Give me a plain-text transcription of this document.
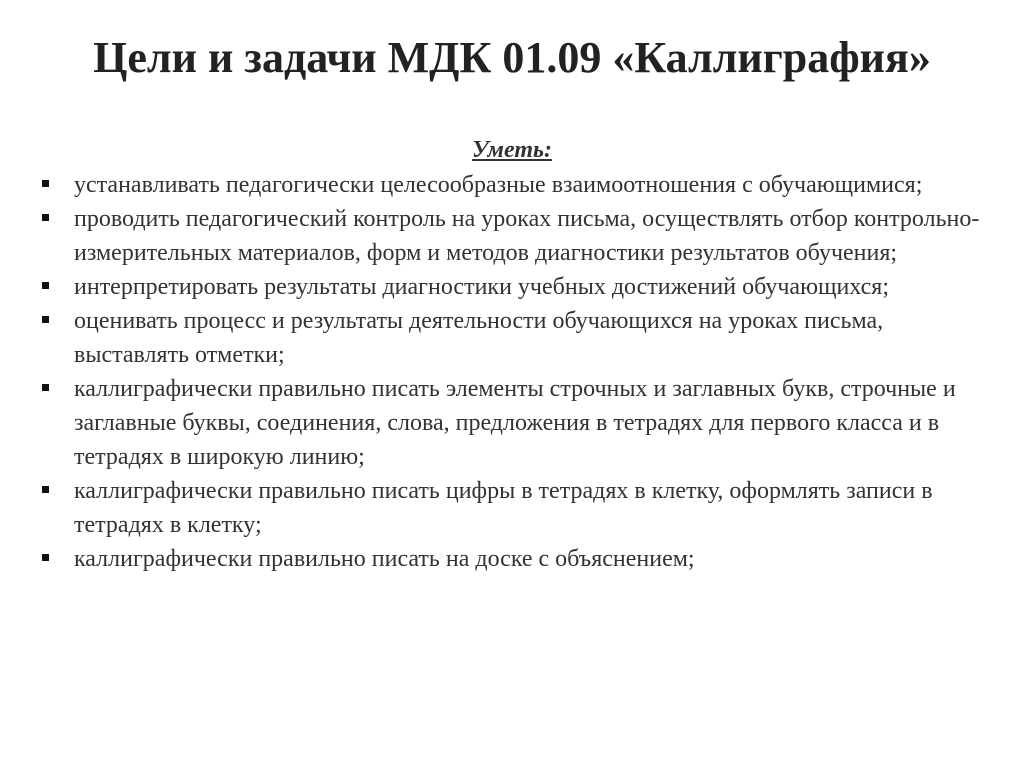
Цели и задачи МДК 01.09 «Каллиграфия»
Уметь:
устанавливать педагогически целесообразные взаимоотношения с обучающимися;
проводить педагогический контроль на уроках письма, осуществлять отбор контрольно-измерительных материалов, форм и методов диагностики результатов обучения;
интерпретировать результаты диагностики учебных достижений обучающихся;
оценивать процесс и результаты деятельности обучающихся на уроках письма, выставлять отметки;
каллиграфически правильно писать элементы строчных и заглавных букв, строчные и заглавные буквы, соединения, слова, предложения в тетрадях для первого класса и в тетрадях в широкую линию;
каллиграфически правильно писать цифры в тетрадях в клетку, оформлять записи в тетрадях в клетку;
каллиграфически правильно писать на доске с объяснением;
